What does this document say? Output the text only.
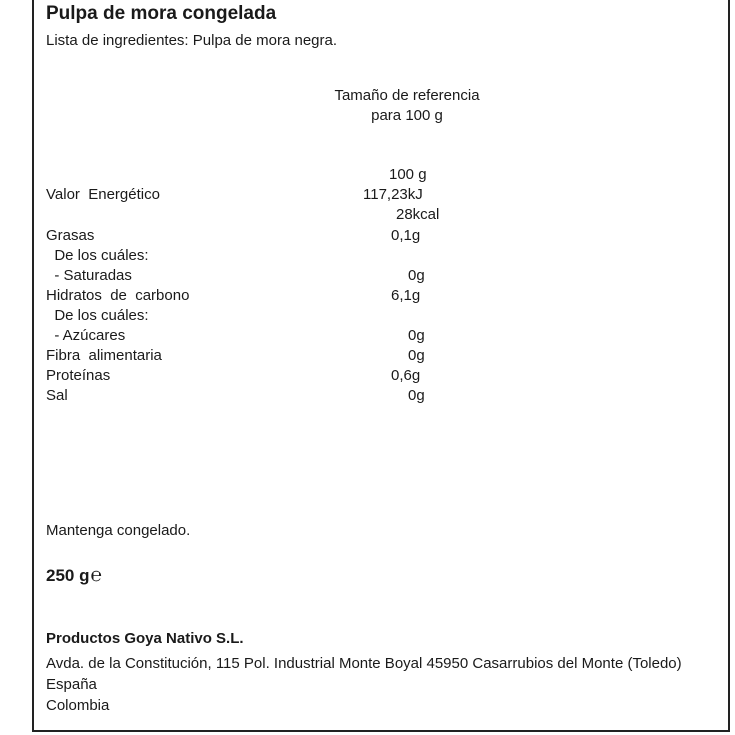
Pulpa de mora congelada
Lista de ingredientes: Pulpa de mora negra.
Tamaño de referencia
para 100 g
100 g
Valor  Energético	117,23kJ
28kcal
Grasas	0,1g
De los cuáles:
- Saturadas	0g
Hidratos  de  carbono	6,1g
De los cuáles:
- Azúcares	0g
Fibra  alimentaria	0g
Proteínas	0,6g
Sal	0g
Mantenga congelado.
250 g℮
Productos Goya Nativo S.L.
Avda. de la Constitución, 115 Pol. Industrial Monte Boyal 45950 Casarrubios del Monte (Toledo) España
Colombia
